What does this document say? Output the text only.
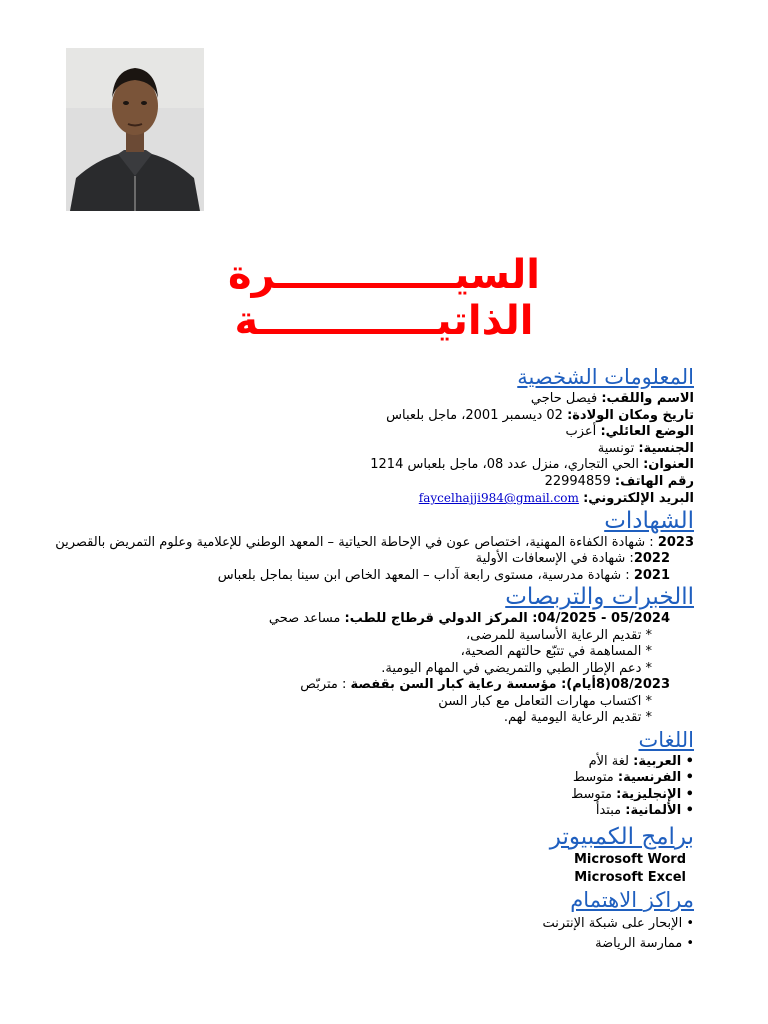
السيـــــــــــــرة
الذاتيـــــــــــــة
المعلومات الشخصية

الاسم واللقب: فيصل حاجي

تاريخ ومكان الولادة: 02 ديسمبر 2001، ماجل بلعباس

الوضع العائلي: أعزب

الجنسية: تونسية

العنوان: الحي التجاري، منزل عدد 08، ماجل بلعباس 1214

رقم الهاتف: 22994859

البريد الإلكتروني: faycelhajji984@gmail.com

الشهادات

2023 : شهادة الكفاءة المهنية، اختصاص عون في الإحاطة الحياتية – المعهد الوطني للإعلامية وعلوم التمريض بالقصرين

2022: شهادة في الإسعافات الأولية

2021 : شهادة مدرسية، مستوى رابعة آداب – المعهد الخاص ابن سينا بماجل بلعباس

االخبرات والتربصات

05/2024 - 04/2025: المركز الدولي قرطاج للطب: مساعد صحي

* تقديم الرعاية الأساسية للمرضى،

* المساهمة في تتبّع حالتهم الصحية،

* دعم الإطار الطبي والتمريضي في المهام اليومية.

08/2023(8أيام): مؤسسة رعاية كبار السن بقفصة : متربّص

* اكتساب مهارات التعامل مع كبار السن

* تقديم الرعاية اليومية لهم.

اللغات

• العربية: لغة الأم

• الفرنسية: متوسط

• الإنجليزية: متوسط

• الألمانية: مبتدأ

برامج الكمبيوتر

Microsoft Word

Microsoft Excel

مراكز الاهتمام

• الإبحار على شبكة الإنترنت

• ممارسة الرياضة
